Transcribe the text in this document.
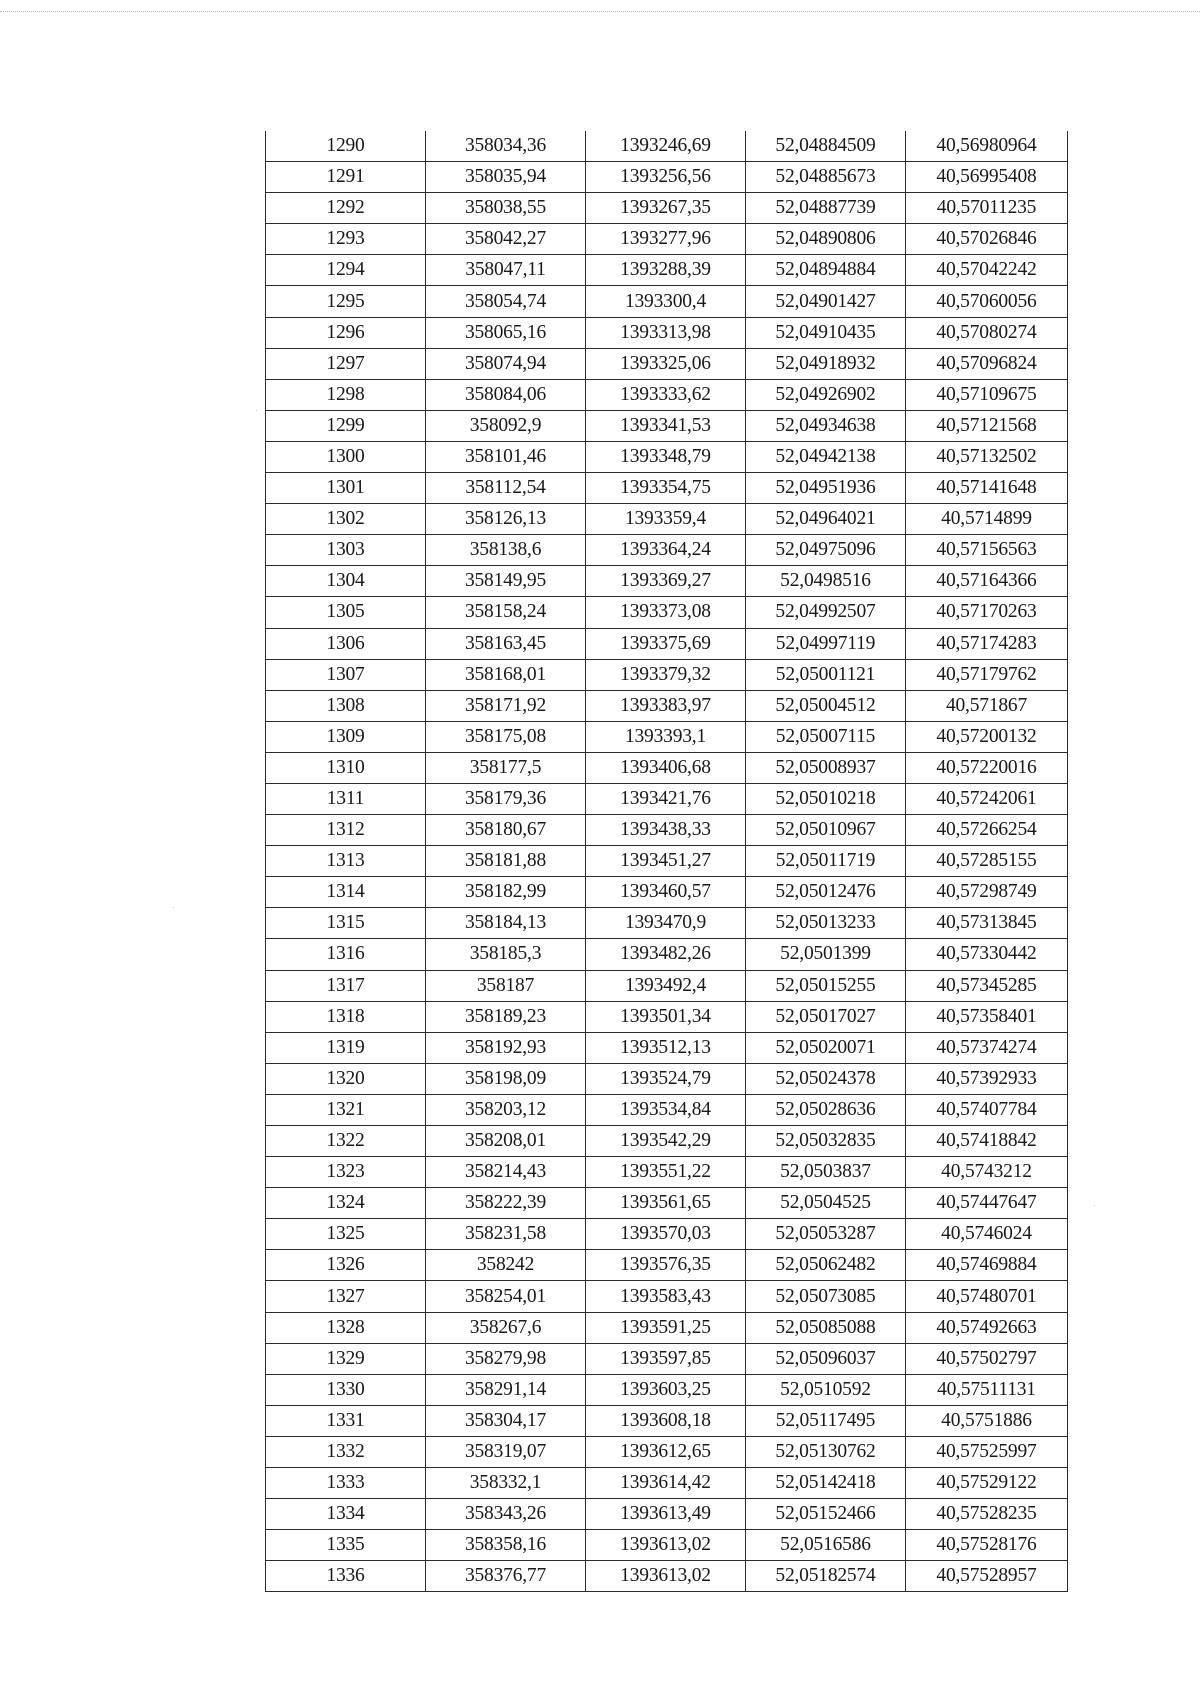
1290	358034,36	1393246,69	52,04884509	40,56980964
1291	358035,94	1393256,56	52,04885673	40,56995408
1292	358038,55	1393267,35	52,04887739	40,57011235
1293	358042,27	1393277,96	52,04890806	40,57026846
1294	358047,11	1393288,39	52,04894884	40,57042242
1295	358054,74	1393300,4	52,04901427	40,57060056
1296	358065,16	1393313,98	52,04910435	40,57080274
1297	358074,94	1393325,06	52,04918932	40,57096824
1298	358084,06	1393333,62	52,04926902	40,57109675
1299	358092,9	1393341,53	52,04934638	40,57121568
1300	358101,46	1393348,79	52,04942138	40,57132502
1301	358112,54	1393354,75	52,04951936	40,57141648
1302	358126,13	1393359,4	52,04964021	40,5714899
1303	358138,6	1393364,24	52,04975096	40,57156563
1304	358149,95	1393369,27	52,0498516	40,57164366
1305	358158,24	1393373,08	52,04992507	40,57170263
1306	358163,45	1393375,69	52,04997119	40,57174283
1307	358168,01	1393379,32	52,05001121	40,57179762
1308	358171,92	1393383,97	52,05004512	40,571867
1309	358175,08	1393393,1	52,05007115	40,57200132
1310	358177,5	1393406,68	52,05008937	40,57220016
1311	358179,36	1393421,76	52,05010218	40,57242061
1312	358180,67	1393438,33	52,05010967	40,57266254
1313	358181,88	1393451,27	52,05011719	40,57285155
1314	358182,99	1393460,57	52,05012476	40,57298749
1315	358184,13	1393470,9	52,05013233	40,57313845
1316	358185,3	1393482,26	52,0501399	40,57330442
1317	358187	1393492,4	52,05015255	40,57345285
1318	358189,23	1393501,34	52,05017027	40,57358401
1319	358192,93	1393512,13	52,05020071	40,57374274
1320	358198,09	1393524,79	52,05024378	40,57392933
1321	358203,12	1393534,84	52,05028636	40,57407784
1322	358208,01	1393542,29	52,05032835	40,57418842
1323	358214,43	1393551,22	52,0503837	40,5743212
1324	358222,39	1393561,65	52,0504525	40,57447647
1325	358231,58	1393570,03	52,05053287	40,5746024
1326	358242	1393576,35	52,05062482	40,57469884
1327	358254,01	1393583,43	52,05073085	40,57480701
1328	358267,6	1393591,25	52,05085088	40,57492663
1329	358279,98	1393597,85	52,05096037	40,57502797
1330	358291,14	1393603,25	52,0510592	40,57511131
1331	358304,17	1393608,18	52,05117495	40,5751886
1332	358319,07	1393612,65	52,05130762	40,57525997
1333	358332,1	1393614,42	52,05142418	40,57529122
1334	358343,26	1393613,49	52,05152466	40,57528235
1335	358358,16	1393613,02	52,0516586	40,57528176
1336	358376,77	1393613,02	52,05182574	40,57528957
